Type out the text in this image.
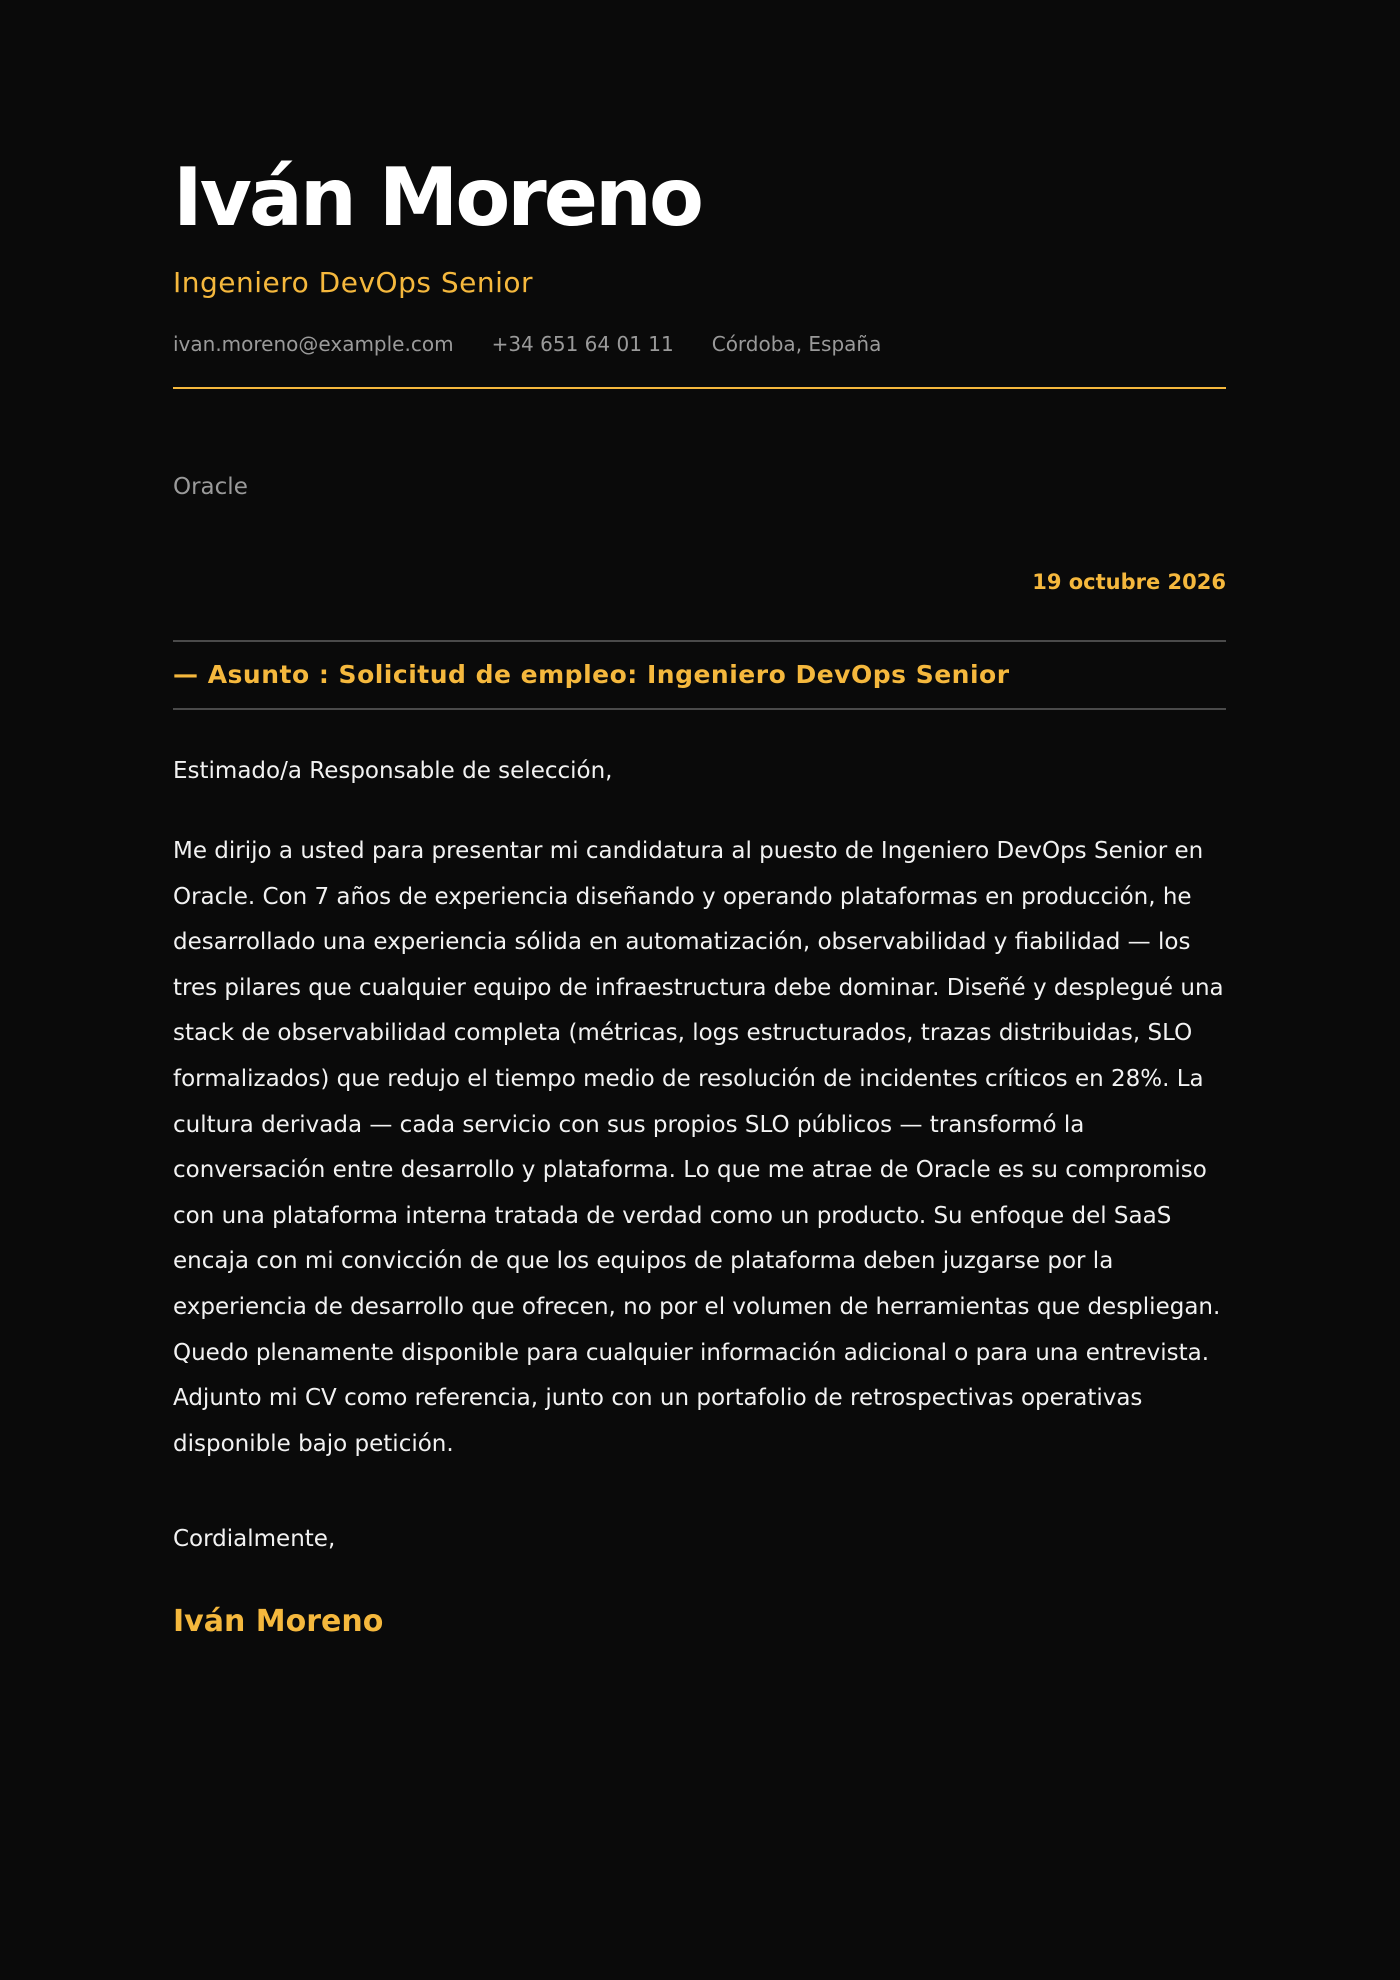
Iván Moreno
Ingeniero DevOps Senior
ivan.moreno@example.com +34 651 64 01 11 Córdoba, España
Oracle
19 octubre 2026
— Asunto : Solicitud de empleo: Ingeniero DevOps Senior
Estimado/a Responsable de selección,

Me dirijo a usted para presentar mi candidatura al puesto de Ingeniero DevOps Senior en Oracle. Con 7 años de experiencia diseñando y operando plataformas en producción, he desarrollado una experiencia sólida en automatización, observabilidad y fiabilidad — los tres pilares que cualquier equipo de infraestructura debe dominar. Diseñé y desplegué una stack de observabilidad completa (métricas, logs estructurados, trazas distribuidas, SLO formalizados) que redujo el tiempo medio de resolución de incidentes críticos en 28%. La cultura derivada — cada servicio con sus propios SLO públicos — transformó la conversación entre desarrollo y plataforma. Lo que me atrae de Oracle es su compromiso con una plataforma interna tratada de verdad como un producto. Su enfoque del SaaS encaja con mi convicción de que los equipos de plataforma deben juzgarse por la experiencia de desarrollo que ofrecen, no por el volumen de herramientas que despliegan. Quedo plenamente disponible para cualquier información adicional o para una entrevista. Adjunto mi CV como referencia, junto con un portafolio de retrospectivas operativas disponible bajo petición.

Cordialmente,
Iván Moreno
